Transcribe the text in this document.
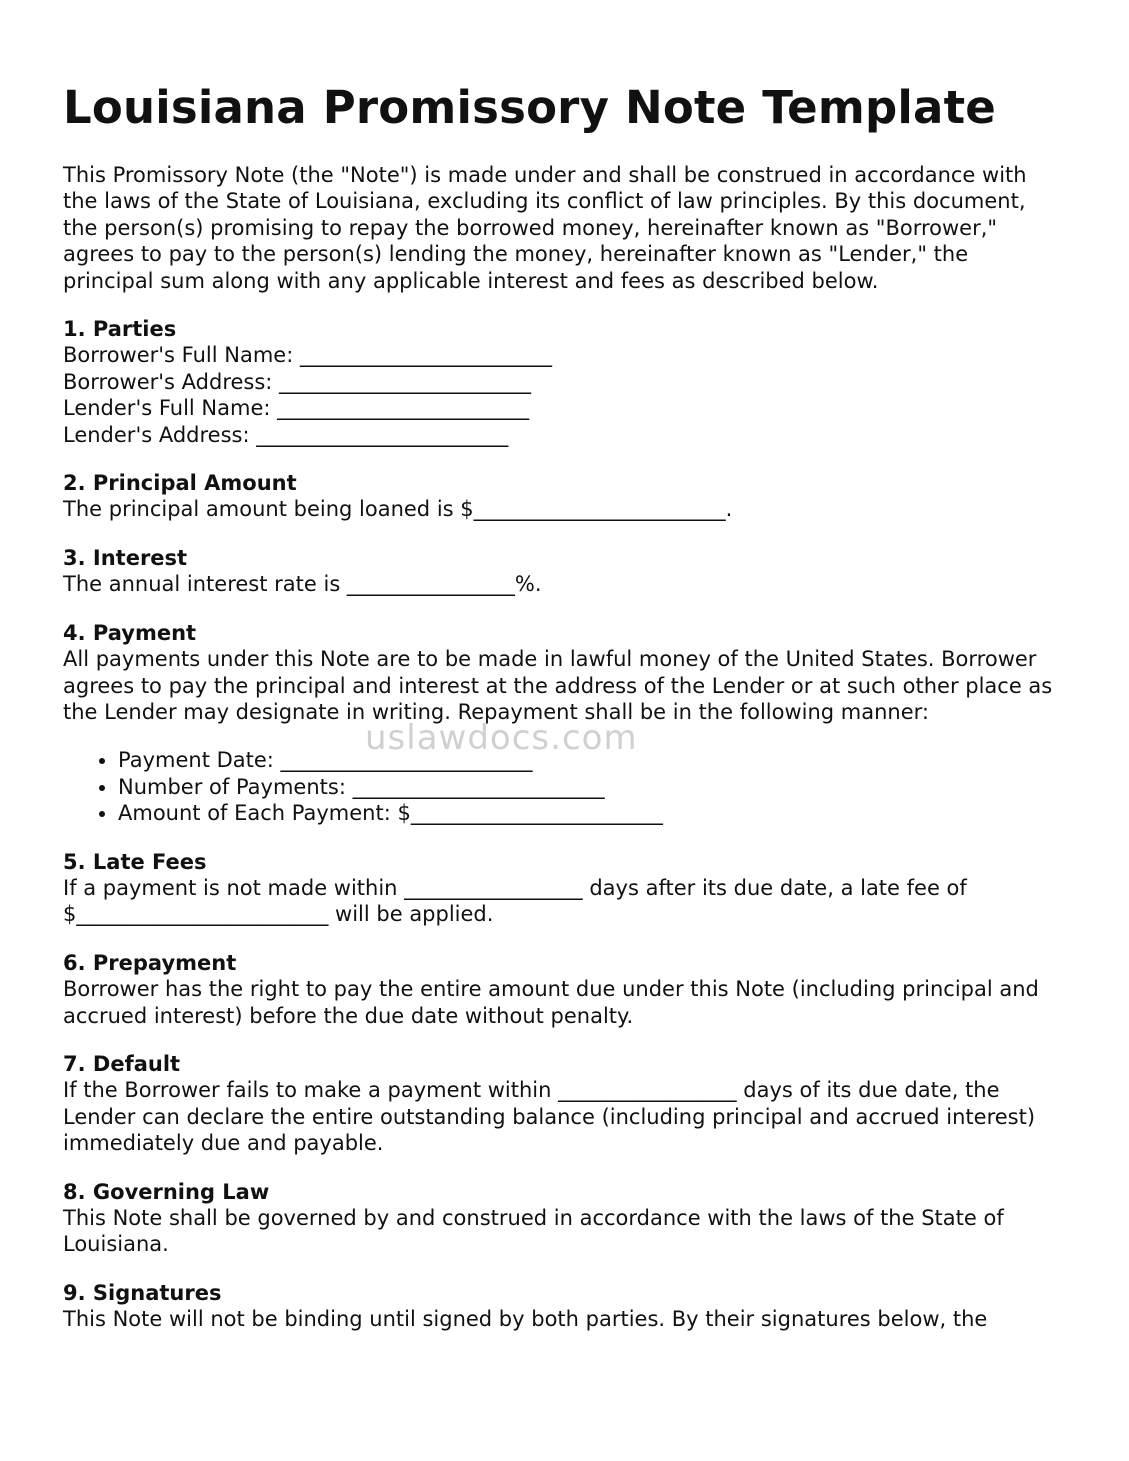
Louisiana Promissory Note Template

This Promissory Note (the "Note") is made under and shall be construed in accordance with the laws of the State of Louisiana, excluding its conflict of law principles. By this document, the person(s) promising to repay the borrowed money, hereinafter known as "Borrower," agrees to pay to the person(s) lending the money, hereinafter known as "Lender," the principal sum along with any applicable interest and fees as described below.

1. Parties
Borrower's Full Name: ________________________
Borrower's Address: ________________________
Lender's Full Name: ________________________
Lender's Address: ________________________
2. Principal Amount

The principal amount being loaned is $________________________.

3. Interest

The annual interest rate is ________________%.

4. Payment

All payments under this Note are to be made in lawful money of the United States. Borrower agrees to pay the principal and interest at the address of the Lender or at such other place as the Lender may designate in writing. Repayment shall be in the following manner:

• Payment Date: ________________________
• Number of Payments: ________________________
• Amount of Each Payment: $________________________
5. Late Fees

If a payment is not made within _________________ days after its due date, a late fee of $________________________ will be applied.

6. Prepayment

Borrower has the right to pay the entire amount due under this Note (including principal and accrued interest) before the due date without penalty.

7. Default

If the Borrower fails to make a payment within _________________ days of its due date, the Lender can declare the entire outstanding balance (including principal and accrued interest) immediately due and payable.

8. Governing Law

This Note shall be governed by and construed in accordance with the laws of the State of Louisiana.

9. Signatures

This Note will not be binding until signed by both parties. By their signatures below, the

uslawdocs.com
